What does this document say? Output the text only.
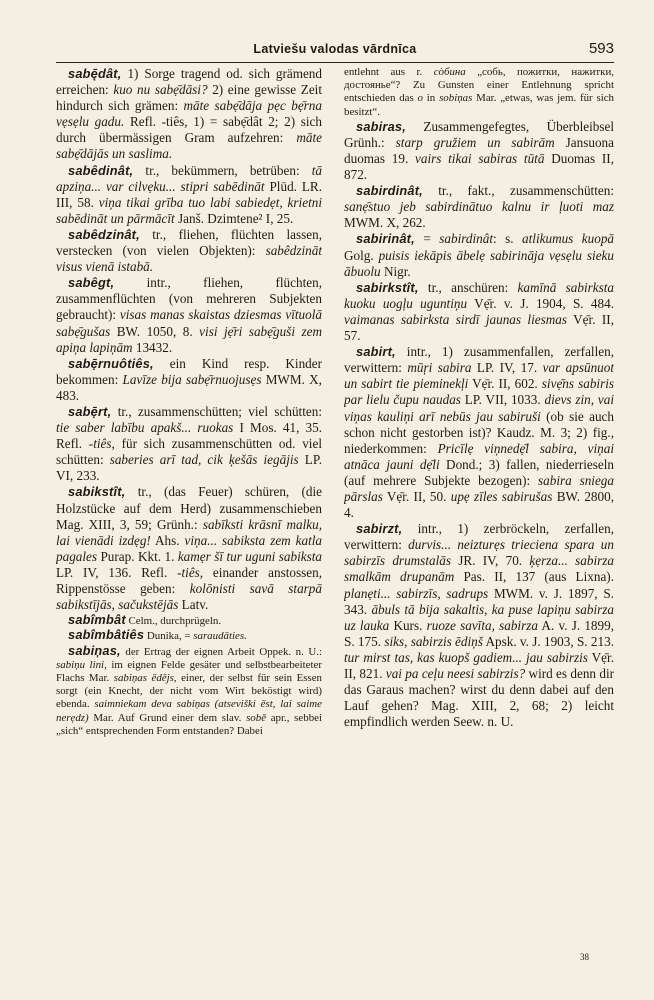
Latviešu valodas vārdnīca	593

sabę̄dât, 1) Sorge tragend od. sich grämend erreichen: kuo nu sabẹ̄dāsi? 2) eine gewisse Zeit hindurch sich grämen: māte sabẹ̄dāja pẹc bẹ̄rna vẹsẹlu gadu. Refl. -tiês, 1) = sabẹ̄dât 2; 2) sich durch übermässigen Gram aufzehren: māte sabẹ̄dājās un saslima.

sabêdinât, tr., bekümmern, betrüben: tā apziņa... var cilvẹku... stipri sabēdināt Plūd. LR. III, 58. viņa tikai grība tuo labi sabiedẹt, krietni sabēdināt un pārmācīt Janš. Dzimtene² I, 25.

sabêdzinât, tr., fliehen, flüchten lassen, verstecken (von vielen Objekten): sabêdzināt visus vienā istabā.

sabêgt, intr., fliehen, flüchten, zusammenflüchten (von mehreren Subjekten gebraucht): visas manas skaistas dziesmas vītuolā sabẹ̄gušas BW. 1050, 8. visi jẹ̄ri sabẹ̄guši zem apiņa lapiņām 13432.

sabẹ̄rnuôtiês, ein Kind resp. Kinder bekommen: Lavīze bija sabẹ̄rnuojusẹs MWM. X, 483.

sabẹ̄rt, tr., zusammenschütten; viel schütten: tie saber labību apakš... ruokas I Mos. 41, 35. Refl. -tiês, für sich zusammenschütten od. viel schütten: saberies arī tad, cik ķešās iegājis LP. VI, 233.

sabikstît, tr., (das Feuer) schüren, (die Holzstücke auf dem Herd) zusammenschieben Mag. XIII, 3, 59; Grünh.: sabīksti krāsnī malku, lai vienādi izdẹg! Ahs. viņa... sabikstа zem katla pagales Purap. Kkt. 1. kamẹr šī tur uguni sabiksta LP. IV, 136. Refl. -tiês, einander anstossen, Rippenstösse geben: kolōnisti savā starpā sabikstījās, sačukstējās Latv.

sabîmbât Celm., durchprügeln.

sabîmbâtiês Dunika, = saraudāties.

sabiņas, der Ertrag der eignen Arbeit Oppek. n. U.: sabiņu lini, im eignen Felde gesäter und selbstbearbeiteter Flachs Mar. sabiņas ēdējs, einer, der selbst für sein Essen sorgt (ein Knecht, der nicht vom Wirt beköstigt wird) ebenda. saimniekam deva sabiņas (atseviški ēst, lai saime nerẹdz) Mar. Auf Grund einer dem slav. sobě apr., sebbei „sich“ entsprechenden Form entstanden? Dabei

entlehnt aus r. сòбина „собь, пожитки, нажитки, достоянье“? Zu Gunsten einer Entlehnung spricht entschieden das o in sobiņas Mar. „etwas, was jem. für sich besitzt“.

sabiras, Zusammengefegtes, Überbleibsel Grünh.: starp gružiem un sabirām Jansuona duomas 19. vairs tikai sabiras tūtā Duomas II, 872.

sabirdinât, tr., fakt., zusammenschütten: sanẹ̄stuo jeb sabirdinātuo kalnu ir ļuoti maz MWM. X, 262.

sabirinât, = sabirdinât: s. atlikumus kuopā Golg. puisis iekāpis ābelẹ sabirināja vẹsẹlu sieku ābuolu Nigr.

sabirkstît, tr., anschüren: kamīnā sabirksta kuoku uogļu uguntiņu Vẹ̄r. v. J. 1904, S. 484. vaimanas sabirksta sirdī jaunas liesmas Vẹ̄r. II, 57.

sabirt, intr., 1) zusammenfallen, zerfallen, verwittern: mūŗi sabira LP. IV, 17. var apsūnuot un sabirt tie pieminekļi Vẹ̄r. II, 602. sivẹ̄ns sabiris par lielu čupu naudas LP. VII, 1033. dievs zin, vai viņas kauliņi arī nebūs jau sabiruši (ob sie auch schon nicht gestorben ist)? Kaudz. M. 3; 2) fig., niederkommen: Pricīlẹ viņnedẹ̄l sabira, viņai atnāca jauni dẹ̄li Dond.; 3) fallen, niederrieseln (auf mehrere Subjekte bezogen): sabira sniega pārslas Vẹ̄r. II, 50. upẹ zīles sabirušas BW. 2800, 4.

sabirzt, intr., 1) zerbröckeln, zerfallen, verwittern: durvis... neizturẹs trieciena spara un sabirzīs drumstalās JR. IV, 70. ķẹrza... sabirza smalkām drupanām Pas. II, 137 (aus Lixna). planẹti... sabirzīs, sadrups MWM. v. J. 1897, S. 343. ābuls tā bija sakaltis, ka puse lapiņu sabirza uz lauka Kurs. ruoze savīta, sabirza A. v. J. 1899, S. 175. siks, sabirzis ēdiņš Apsk. v. J. 1903, S. 213. tur mirst tas, kas kuopš gadiem... jau sabirzis Vẹ̄r. II, 821. vai pa ceļu neesi sabirzis? wird es denn dir das Garaus machen? wirst du denn dabei auf den Lauf gehen? Mag. XIII, 2, 68; 2) leicht empfindlich werden Seew. n. U.

38
